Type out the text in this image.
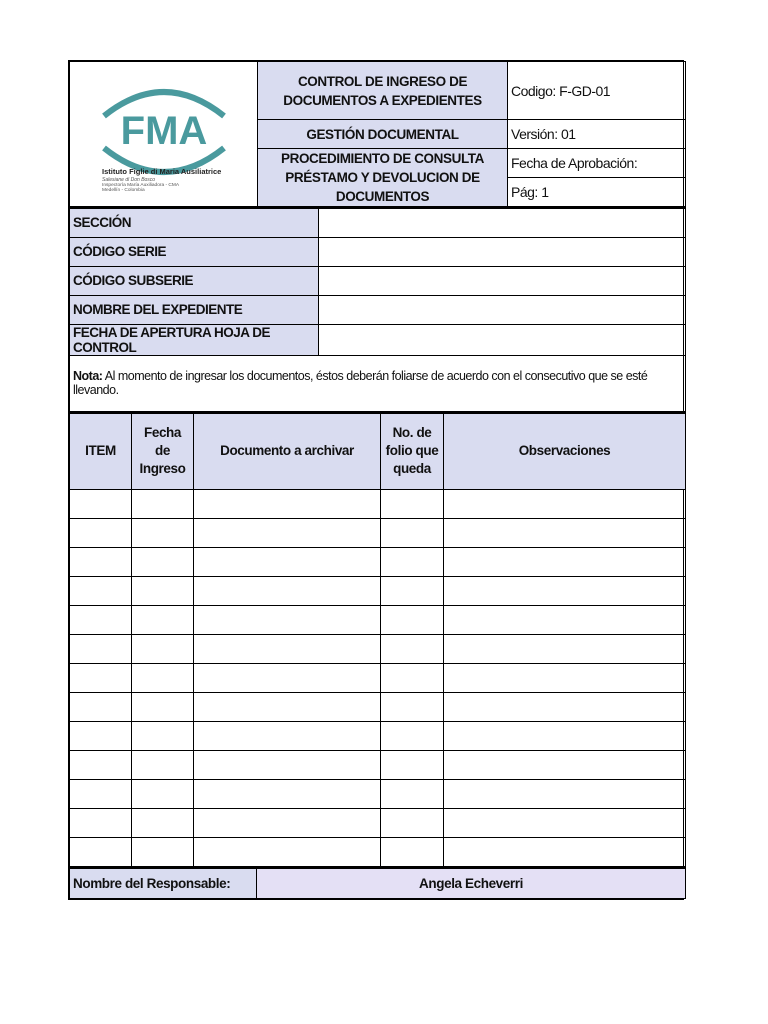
FMA
Istituto Figlie di Maria Ausiliatrice
Salesiane di Don Bosco
Inspectoría María Auxiliadora - CMA
Medellín - Colombia	CONTROL DE INGRESO DE DOCUMENTOS A EXPEDIENTES	Codigo: F-GD-01
	GESTIÓN DOCUMENTAL	Versión: 01
	PROCEDIMIENTO DE CONSULTA PRÉSTAMO Y DEVOLUCION DE DOCUMENTOS	Fecha de Aprobación:
		Pág: 1
SECCIÓN	
CÓDIGO SERIE	
CÓDIGO SUBSERIE	
NOMBRE DEL EXPEDIENTE	
FECHA DE APERTURA HOJA DE CONTROL	
Nota: Al momento de ingresar los documentos, éstos deberán foliarse de acuerdo con el consecutivo que se esté llevando.	
ITEM	Fecha de Ingreso	Documento a archivar	No. de folio que queda	Observaciones

Nombre del Responsable:	Angela Echeverri
